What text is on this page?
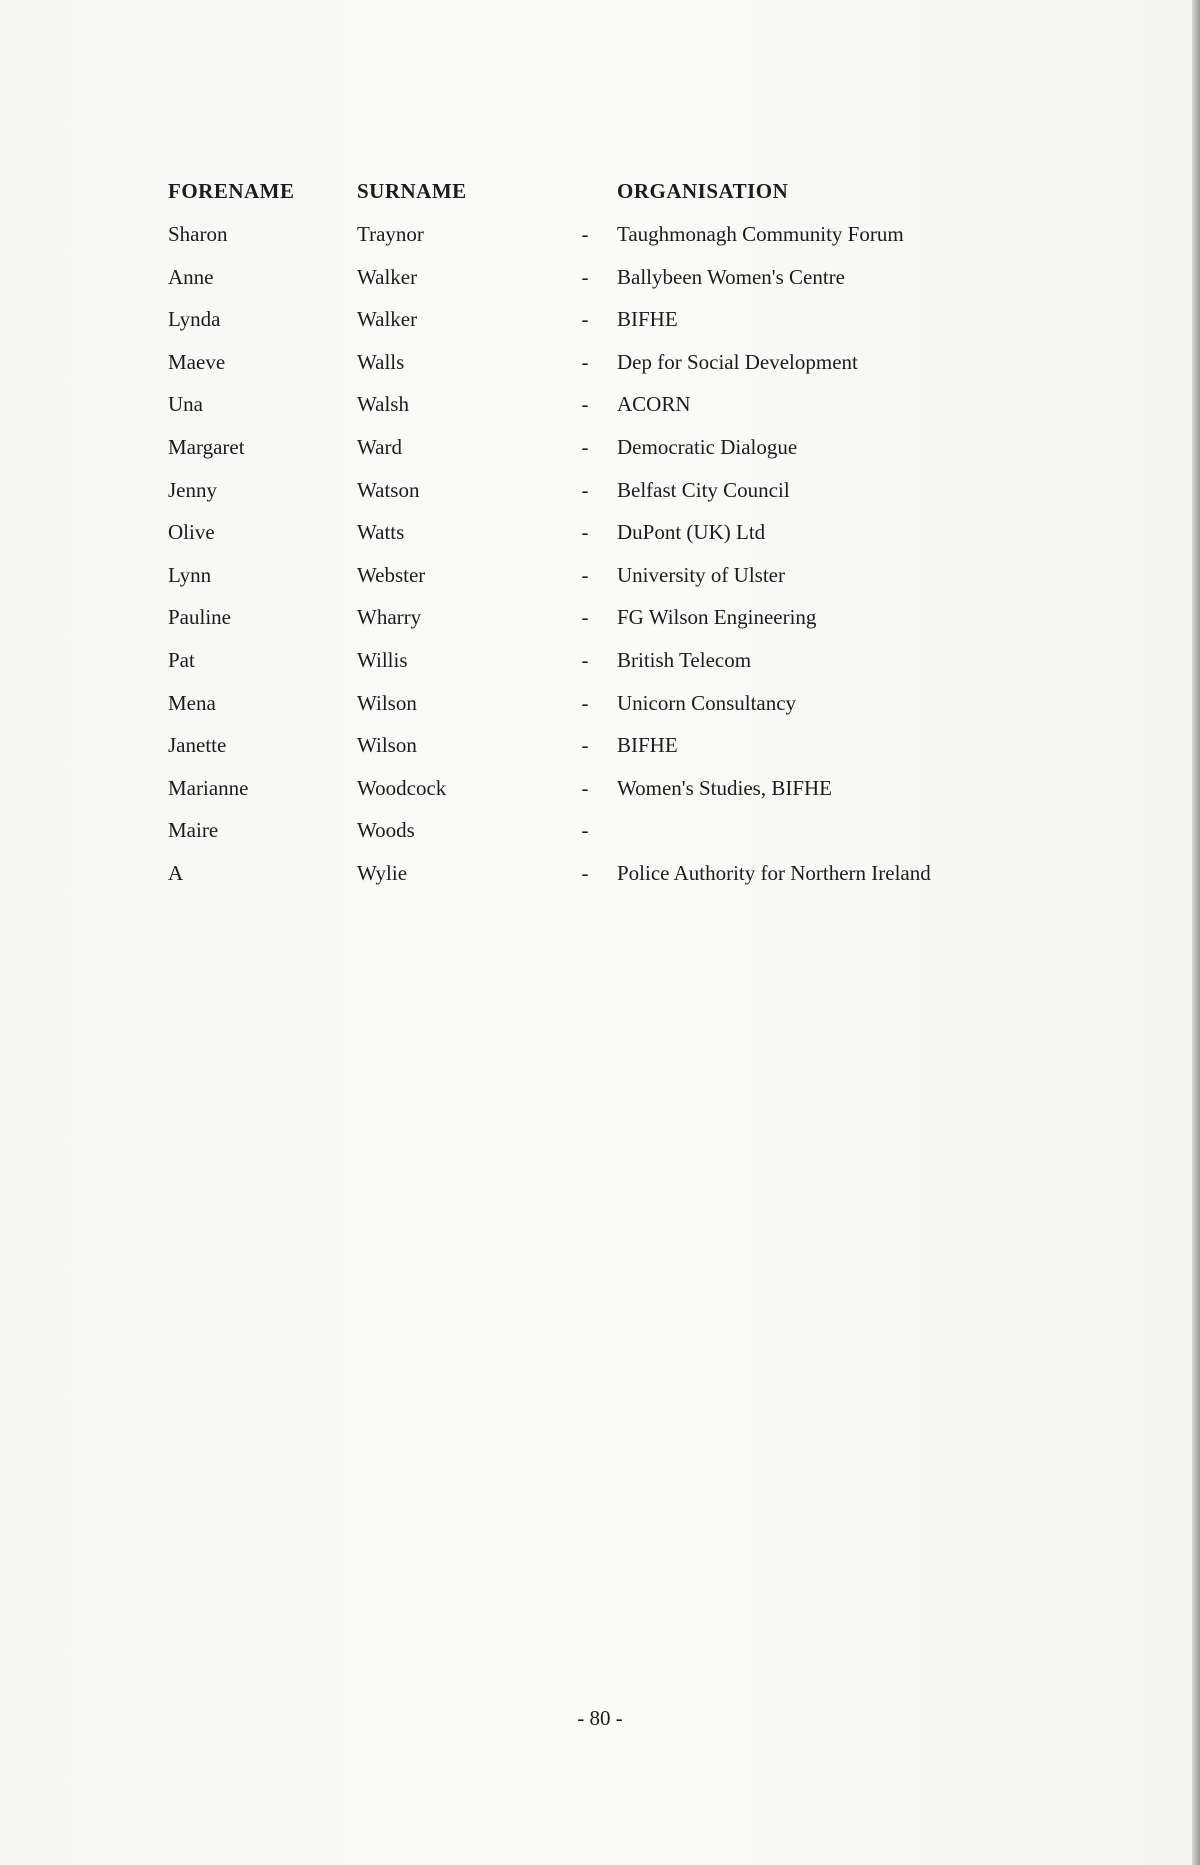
FORENAME	SURNAME	ORGANISATION
Sharon	Traynor	- Taughmonagh Community Forum
Anne	Walker	- Ballybeen Women's Centre
Lynda	Walker	- BIFHE
Maeve	Walls	- Dep for Social Development
Una	Walsh	- ACORN
Margaret	Ward	- Democratic Dialogue
Jenny	Watson	- Belfast City Council
Olive	Watts	- DuPont (UK) Ltd
Lynn	Webster	- University of Ulster
Pauline	Wharry	- FG Wilson Engineering
Pat	Willis	- British Telecom
Mena	Wilson	- Unicorn Consultancy
Janette	Wilson	- BIFHE
Marianne	Woodcock	- Women's Studies, BIFHE
Maire	Woods	-
A	Wylie	- Police Authority for Northern Ireland
- 80 -
